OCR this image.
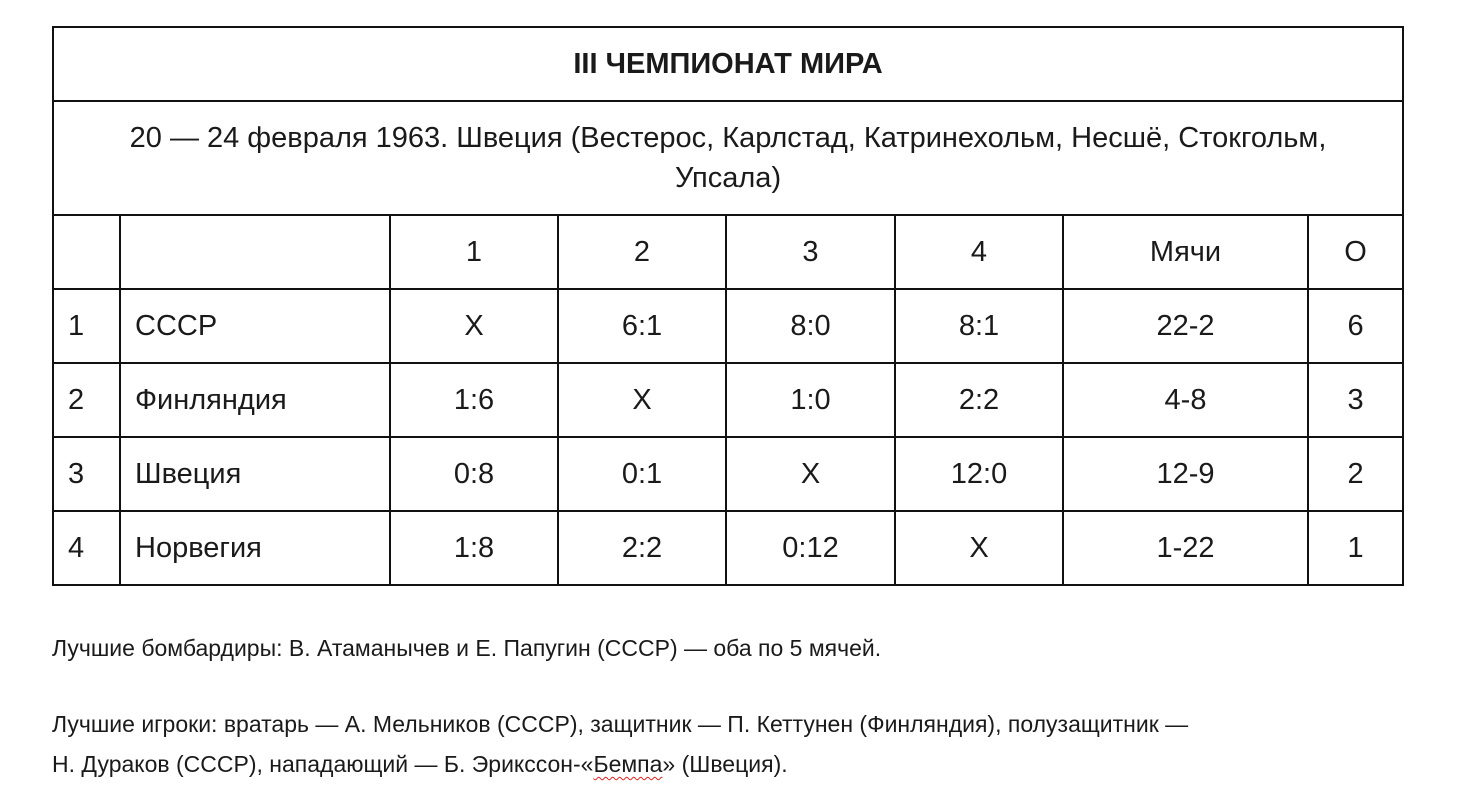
III ЧЕМПИОНАТ МИРА							
20 — 24 февраля 1963. Швеция (Вестерос, Карлстад, Катринехольм, Несшё, Стокгольм, Упсала)							
		1	2	3	4	Мячи	О
1	СССР	X	6:1	8:0	8:1	22-2	6
2	Финляндия	1:6	X	1:0	2:2	4-8	3
3	Швеция	0:8	0:1	X	12:0	12-9	2
4	Норвегия	1:8	2:2	0:12	X	1-22	1

Лучшие бомбардиры: В. Атаманычев и Е. Папугин (СССР) — оба по 5 мячей.

Лучшие игроки: вратарь — А. Мельников (СССР), защитник — П. Кеттунен (Финляндия), полузащитник —
Н. Дураков (СССР), нападающий — Б. Эрикссон-«Бемпа» (Швеция).
